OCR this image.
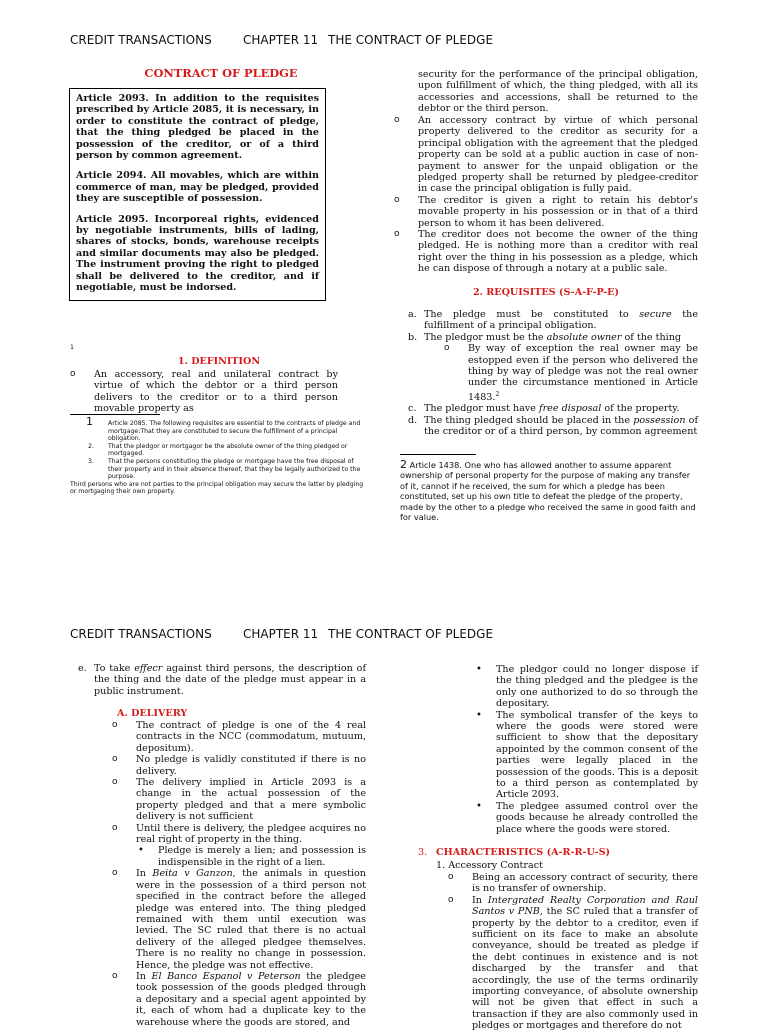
CREDIT TRANSACTIONS	CHAPTER 11 THE CONTRACT OF PLEDGE
CONTRACT OF PLEDGE

Article 2093. In addition to the requisites prescribed by Article 2085, it is necessary, in order to constitute the contract of pledge, that the thing pledged be placed in the possession of the creditor, or of a third person by common agreement.

Article 2094. All movables, which are within commerce of man, may be pledged, provided they are susceptible of possession.

Article 2095. Incorporeal rights, evidenced by negotiable instruments, bills of lading, shares of stocks, bonds, warehouse receipts and similar documents may also be pledged. The instrument proving the right to pledged shall be delivered to the creditor, and if negotiable, must be indorsed.

1
1. DEFINITION
o An accessory, real and unilateral contract by virtue of which the debtor or a third person delivers to the creditor or to a third person movable property as
1 Article 2085. The following requisites are essential to the contracts of pledge and mortgage:That they are constituted to secure the fulfillment of a principal obligation.
2. That the pledgor or mortgagor be the absolute owner of the thing pledged or mortgaged.
3. That the persons constituting the pledge or mortgage have the free disposal of their property and in their absence thereof, that they be legally authorized to the purpose.
Third persons who are not parties to the principal obligation may secure the latter by pledging or mortgaging their own property.
security for the performance of the principal obligation, upon fulfillment of which, the thing pledged, with all its accessories and accessions, shall be returned to the debtor or the third person.
o An accessory contract by virtue of which personal property delivered to the creditor as security for a principal obligation with the agreement that the pledged property can be sold at a public auction in case of non-payment to answer for the unpaid obligation or the pledged property shall be returned by pledgee-creditor in case the principal obligation is fully paid.
o The creditor is given a right to retain his debtor's movable property in his possession or in that of a third person to whom it has been delivered.
o The creditor does not become the owner of the thing pledged. He is nothing more than a creditor with real right over the thing in his possession as a pledge, which he can dispose of through a notary at a public sale.
2. REQUISITES (S-A-F-P-E)
a. The pledge must be constituted to secure the fulfillment of a principal obligation.
b. The pledgor must be the absolute owner of the thing
o By way of exception the real owner may be estopped even if the person who delivered the thing by way of pledge was not the real owner under the circumstance mentioned in Article 1483.$^2$
c. The pledgor must have free disposal of the property.
d. The thing pledged should be placed in the possession of the creditor or of a third person, by common agreement
2 Article 1438. One who has allowed another to assume apparent ownership of personal property for the purpose of making any transfer of it, cannot if he received, the sum for which a pledge has been constituted, set up his own title to defeat the pledge of the property, made by the other to a pledge who received the same in good faith and for value.
CREDIT TRANSACTIONS	CHAPTER 11 THE CONTRACT OF PLEDGE
e. To take effecr against third persons, the description of the thing and the date of the pledge must appear in a public instrument.
A. DELIVERY
o The contract of pledge is one of the 4 real contracts in the NCC (commodatum, mutuum, depositum).
o No pledge is validly constituted if there is no delivery.
o The delivery implied in Article 2093 is a change in the actual possession of the property pledged and that a mere symbolic delivery is not sufficient
o Until there is delivery, the pledgee acquires no real right of property in the thing.
• Pledge is merely a lien; and possession is indispensible in the right of a lien.
o In Beita v Ganzon, the animals in question were in the possession of a third person not specified in the contract before the alleged pledge was entered into. The thing pledged remained with them until execution was levied. The SC ruled that there is no actual delivery of the alleged pledgee themselves. There is no reality no change in possession. Hence, the pledge was not effective.
o In El Banco Espanol v Peterson the pledgee took possession of the goods pledged through a depositary and a special agent appointed by it, each of whom had a duplicate key to the warehouse where the goods are stored, and
• The pledgor could no longer dispose if the thing pledged and the pledgee is the only one authorized to do so through the depositary.
• The symbolical transfer of the keys to where the goods were stored were sufficient to show that the depositary appointed by the common consent of the parties were legally placed in the possession of the goods. This is a deposit to a third person as contemplated by Article 2093.
• The pledgee assumed control over the goods because he already controlled the place where the goods were stored.
3. CHARACTERISTICS (A-R-R-U-S)
1. Accessory Contract
o Being an accessory contract of security, there is no transfer of ownership.
o In Intergrated Realty Corporation and Raul Santos v PNB, the SC ruled that a transfer of property by the debtor to a creditor, even if sufficient on its face to make an absolute conveyance, should be treated as pledge if the debt continues in existence and is not discharged by the transfer and that accordingly, the use of the terms ordinarily importing conveyance, of absolute ownership will not be given that effect in such a transaction if they are also commonly used in pledges or mortgages and therefore do not
